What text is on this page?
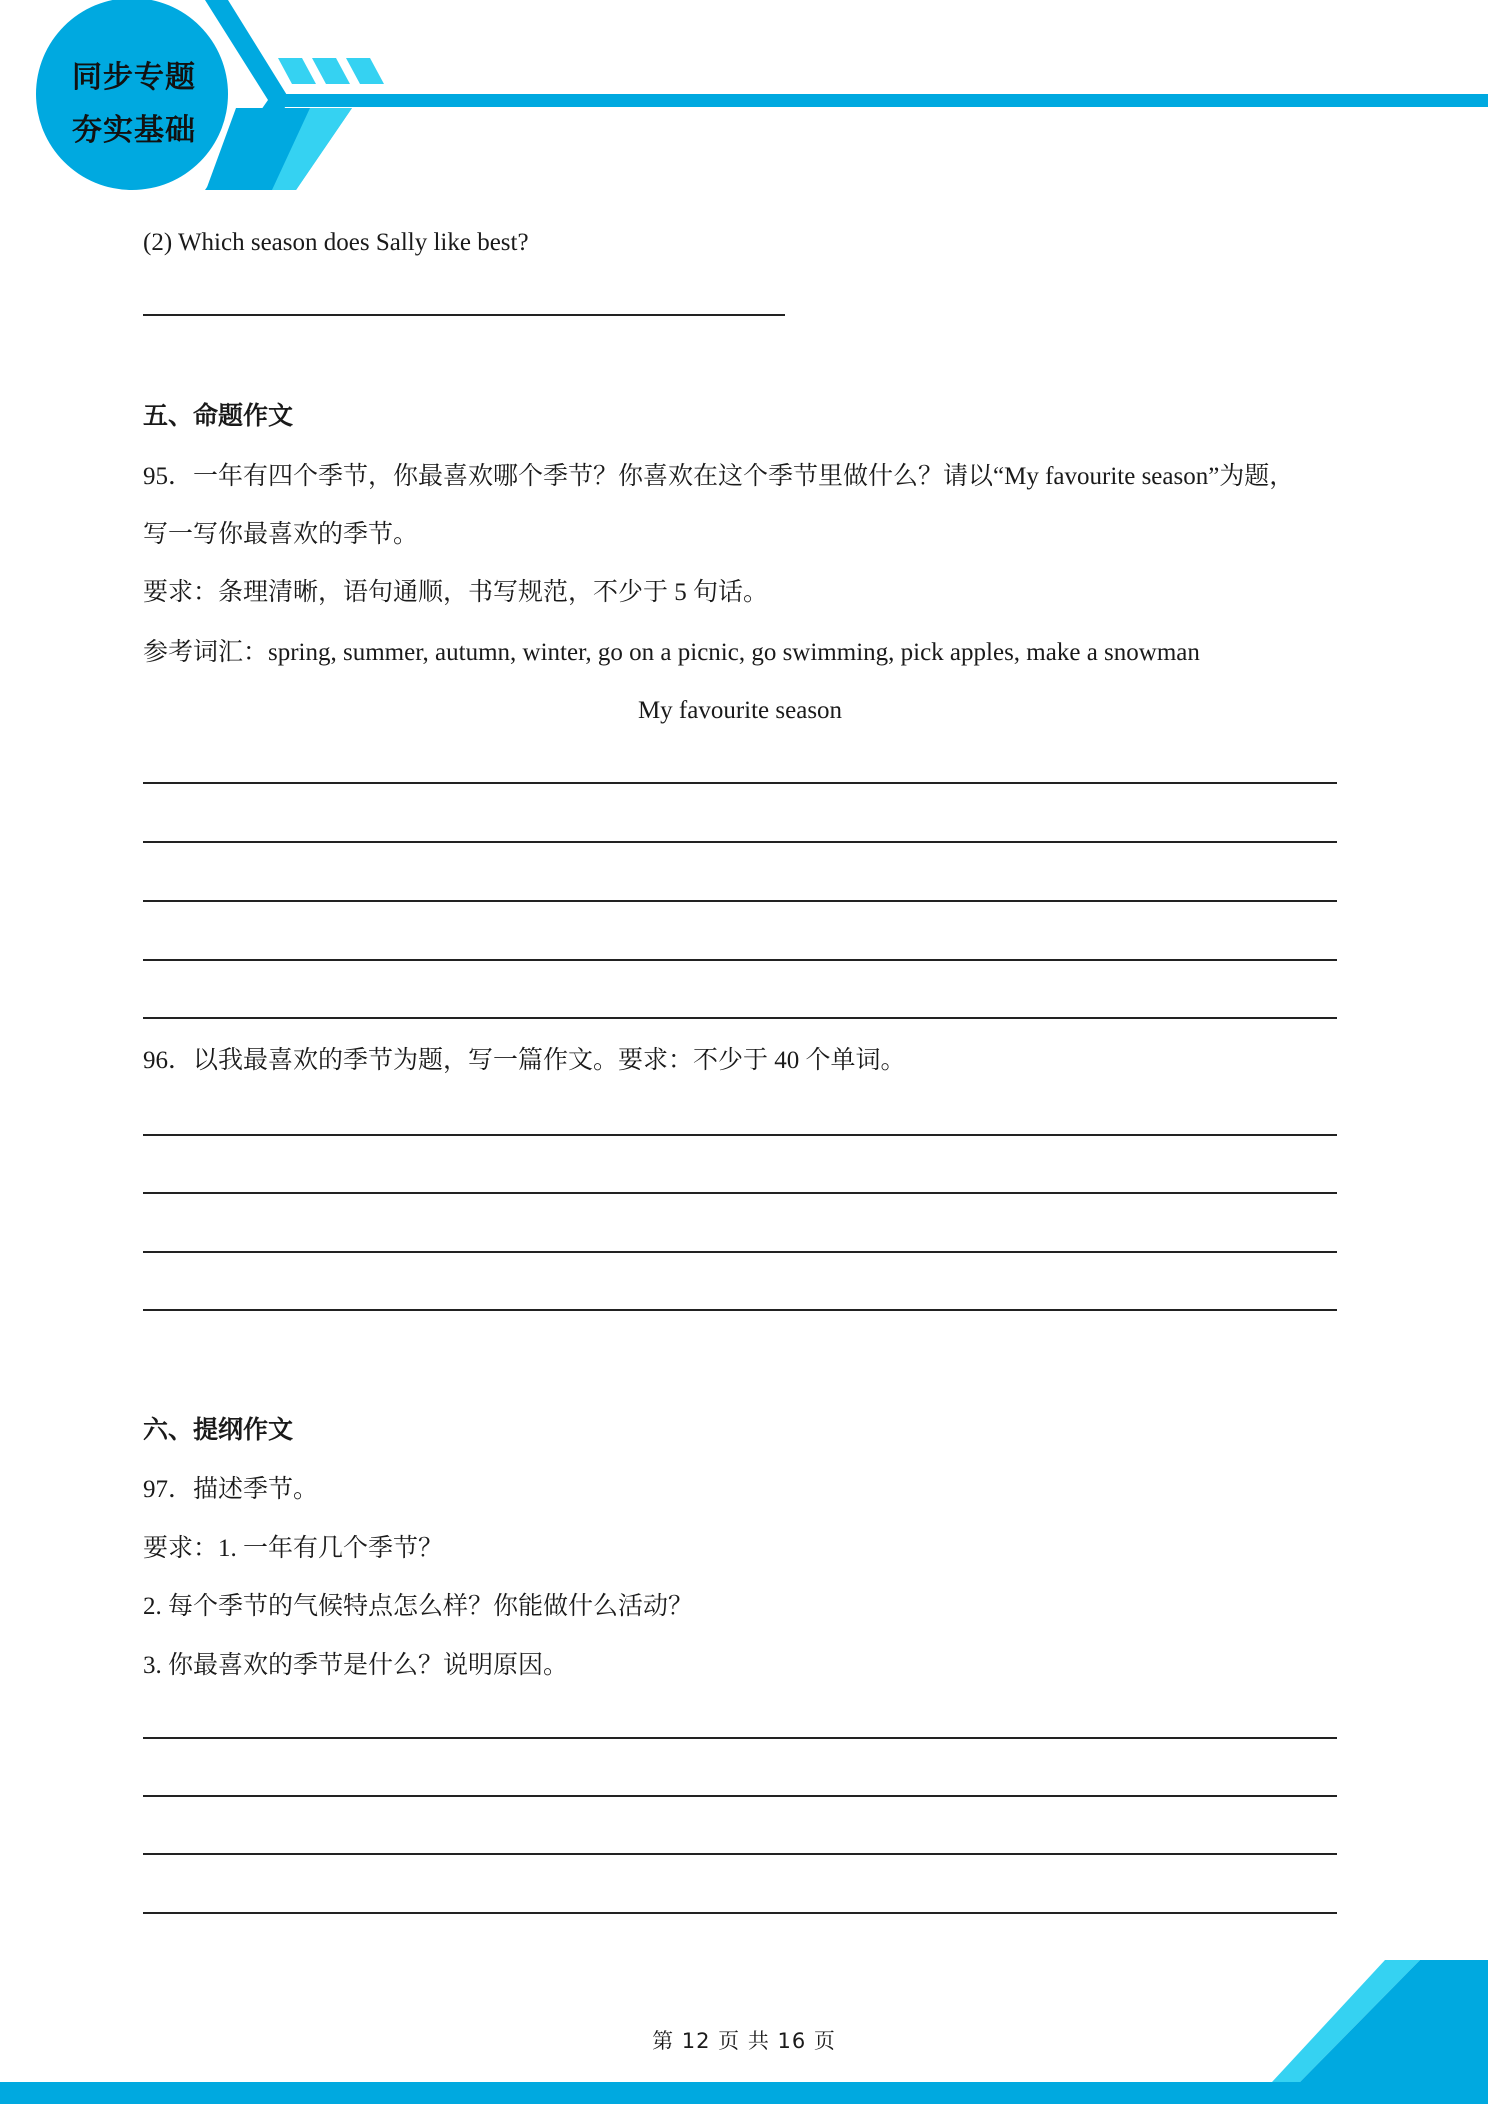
同步专题
夯实基础
(2) Which season does Sally like best?
五、命题作文
95．一年有四个季节，你最喜欢哪个季节？你喜欢在这个季节里做什么？请以“My favourite season”为题，
写一写你最喜欢的季节。
要求：条理清晰，语句通顺，书写规范，不少于 5 句话。
参考词汇：spring, summer, autumn, winter, go on a picnic, go swimming, pick apples, make a snowman
My favourite season
96．以我最喜欢的季节为题，写一篇作文。要求：不少于 40 个单词。
六、提纲作文
97．描述季节。
要求：1. 一年有几个季节？
2. 每个季节的气候特点怎么样？你能做什么活动？
3. 你最喜欢的季节是什么？说明原因。
第 12 页 共 16 页
